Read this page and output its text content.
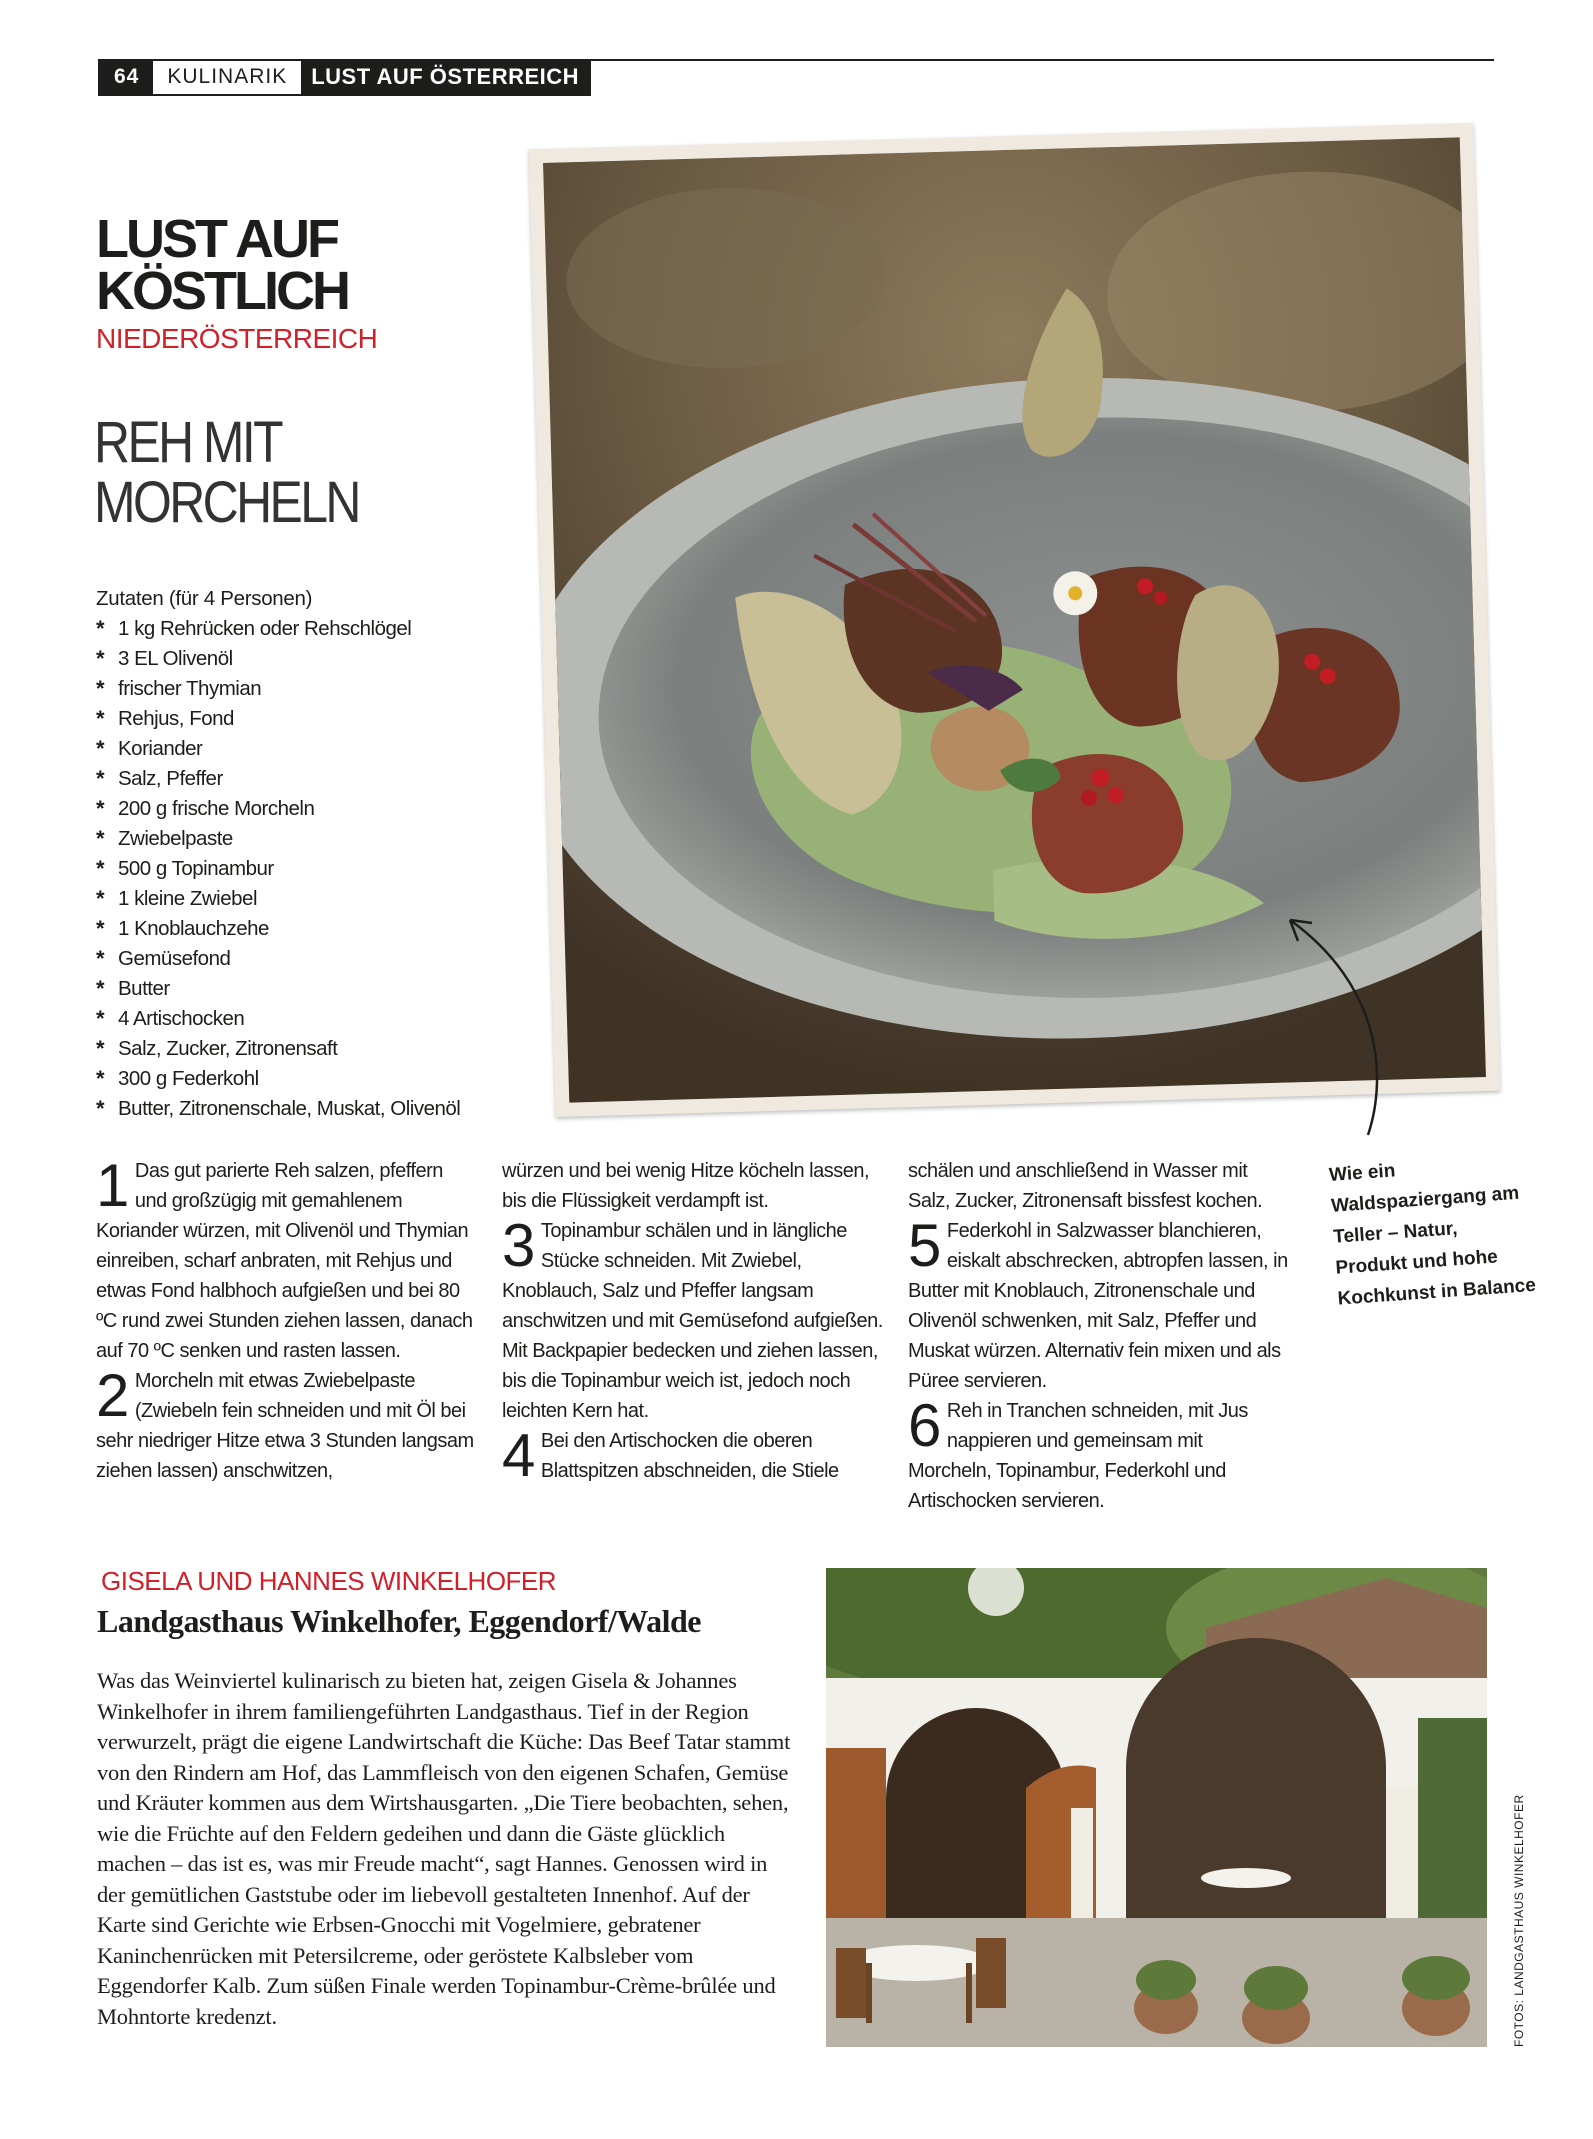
64	KULINARIK	LUST AUF ÖSTERREICH
LUST AUF
KÖSTLICH
NIEDERÖSTERREICH
REH MIT
MORCHELN
Zutaten (für 4 Personen)
* 1 kg Rehrücken oder Rehschlögel
* 3 EL Olivenöl
* frischer Thymian
* Rehjus, Fond
* Koriander
* Salz, Pfeffer
* 200 g frische Morcheln
* Zwiebelpaste
* 500 g Topinambur
* 1 kleine Zwiebel
* 1 Knoblauchzehe
* Gemüsefond
* Butter
* 4 Artischocken
* Salz, Zucker, Zitronensaft
* 300 g Federkohl
* Butter, Zitronenschale, Muskat, Olivenöl
Wie ein Waldspaziergang am Teller – Natur, Produkt und hohe Kochkunst in Balance

1 Das gut parierte Reh salzen, pfeffern und großzügig mit gemahlenem Koriander würzen, mit Olivenöl und Thymian einreiben, scharf anbraten, mit Rehjus und etwas Fond halbhoch aufgießen und bei 80 ºC rund zwei Stunden ziehen lassen, danach auf 70 ºC senken und rasten lassen.

2 Morcheln mit etwas Zwiebelpaste (Zwiebeln fein schneiden und mit Öl bei sehr niedriger Hitze etwa 3 Stunden langsam ziehen lassen) anschwitzen,

würzen und bei wenig Hitze köcheln lassen, bis die Flüssigkeit verdampft ist.

3 Topinambur schälen und in längliche Stücke schneiden. Mit Zwiebel, Knoblauch, Salz und Pfeffer langsam anschwitzen und mit Gemüsefond aufgießen. Mit Backpapier bedecken und ziehen lassen, bis die Topinambur weich ist, jedoch noch leichten Kern hat.

4 Bei den Artischocken die oberen Blattspitzen abschneiden, die Stiele

schälen und anschließend in Wasser mit Salz, Zucker, Zitronensaft bissfest kochen.

5 Federkohl in Salzwasser blanchieren, eiskalt abschrecken, abtropfen lassen, in Butter mit Knoblauch, Zitronenschale und Olivenöl schwenken, mit Salz, Pfeffer und Muskat würzen. Alternativ fein mixen und als Püree servieren.

6 Reh in Tranchen schneiden, mit Jus nappieren und gemeinsam mit Morcheln, Topinambur, Federkohl und Artischocken servieren.

GISELA UND HANNES WINKELHOFER
Landgasthaus Winkelhofer, Eggendorf/Walde
Was das Weinviertel kulinarisch zu bieten hat, zeigen Gisela & Johannes Winkelhofer in ihrem familiengeführten Landgasthaus. Tief in der Region verwurzelt, prägt die eigene Landwirtschaft die Küche: Das Beef Tatar stammt von den Rindern am Hof, das Lammfleisch von den eigenen Schafen, Gemüse und Kräuter kommen aus dem Wirtshausgarten. „Die Tiere beobachten, sehen, wie die Früchte auf den Feldern gedeihen und dann die Gäste glücklich machen – das ist es, was mir Freude macht“, sagt Hannes. Genossen wird in der gemütlichen Gaststube oder im liebevoll gestalteten Innenhof. Auf der Karte sind Gerichte wie Erbsen-Gnocchi mit Vogelmiere, gebratener Kaninchenrücken mit Petersilcreme, oder geröstete Kalbsleber vom Eggendorfer Kalb. Zum süßen Finale werden Topinambur-Crème-brûlée und Mohntorte kredenzt.	FOTOS: LANDGASTHAUS WINKELHOFER
